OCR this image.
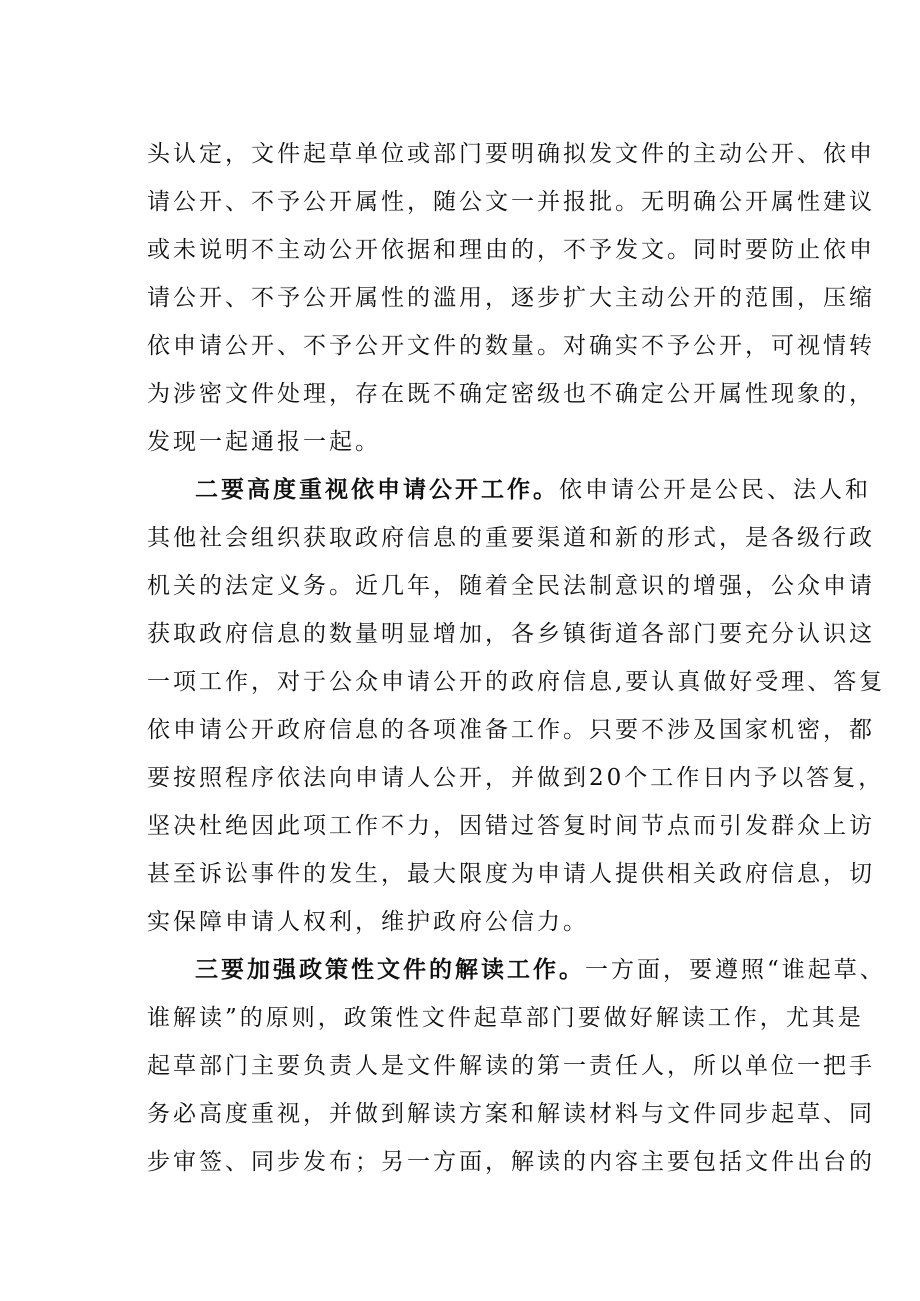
头认定，文件起草单位或部门要明确拟发文件的主动公开、依申
请公开、不予公开属性，随公文一并报批。无明确公开属性建议
或未说明不主动公开依据和理由的，不予发文。同时要防止依申
请公开、不予公开属性的滥用，逐步扩大主动公开的范围，压缩
依申请公开、不予公开文件的数量。对确实不予公开，可视情转
为涉密文件处理，存在既不确定密级也不确定公开属性现象的，
发现一起通报一起。
二要高度重视依申请公开工作。依申请公开是公民、法人和
其他社会组织获取政府信息的重要渠道和新的形式，是各级行政
机关的法定义务。近几年，随着全民法制意识的增强，公众申请
获取政府信息的数量明显增加，各乡镇街道各部门要充分认识这
一项工作，对于公众申请公开的政府信息,要认真做好受理、答复
依申请公开政府信息的各项准备工作。只要不涉及国家机密，都
要按照程序依法向申请人公开，并做到20个工作日内予以答复，
坚决杜绝因此项工作不力，因错过答复时间节点而引发群众上访
甚至诉讼事件的发生，最大限度为申请人提供相关政府信息，切
实保障申请人权利，维护政府公信力。
三要加强政策性文件的解读工作。一方面，要遵照“谁起草、
谁解读”的原则，政策性文件起草部门要做好解读工作，尤其是
起草部门主要负责人是文件解读的第一责任人，所以单位一把手
务必高度重视，并做到解读方案和解读材料与文件同步起草、同
步审签、同步发布；另一方面，解读的内容主要包括文件出台的
